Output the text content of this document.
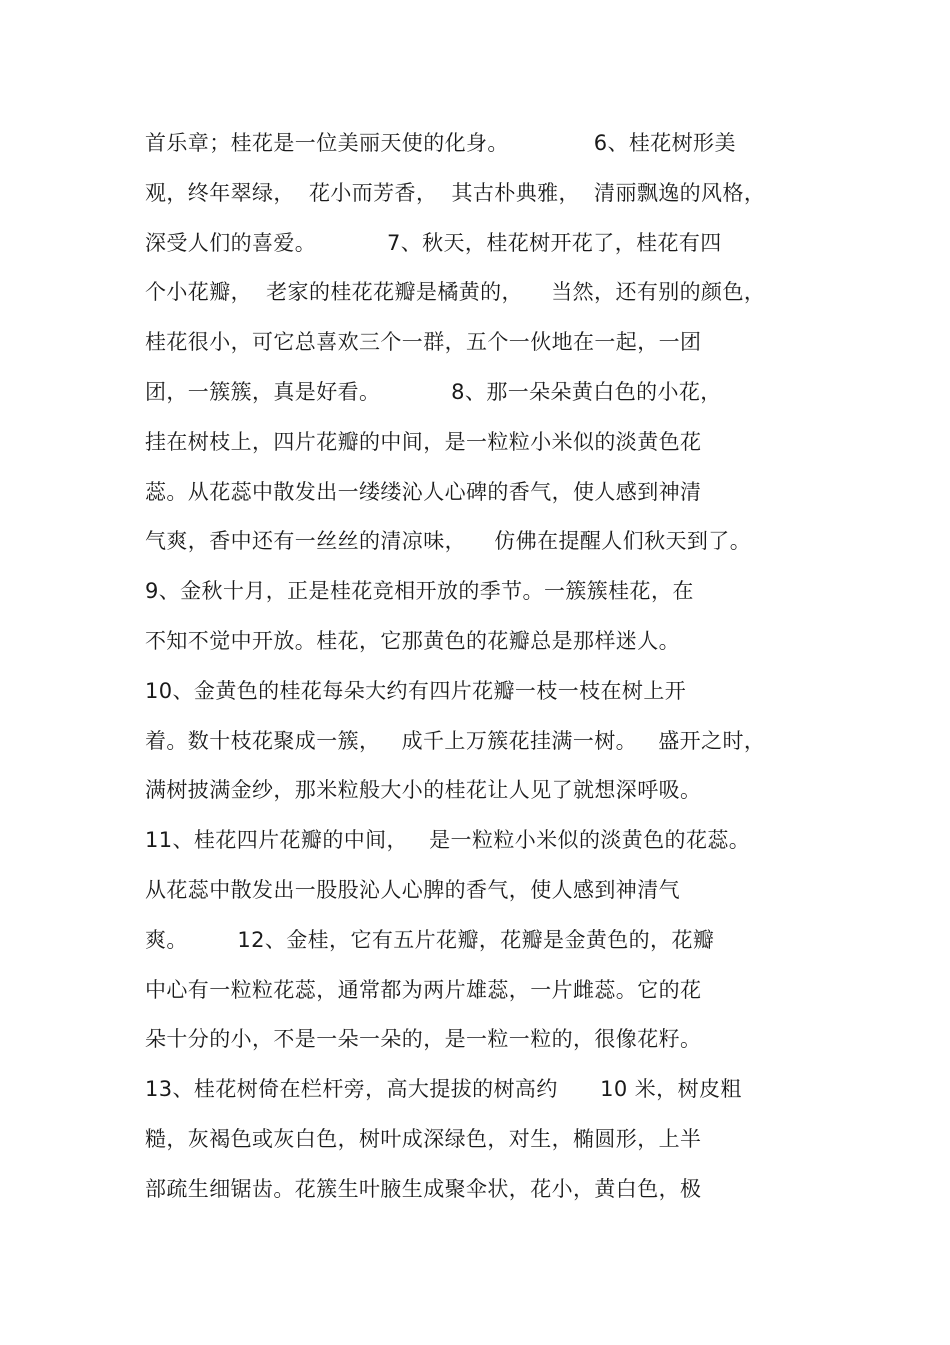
首乐章；桂花是一位美丽天使的化身。            6、桂花树形美
观，终年翠绿，  花小而芳香，  其古朴典雅，  清丽飘逸的风格，
深受人们的喜爱。          7、秋天，桂花树开花了，桂花有四
个小花瓣，  老家的桂花花瓣是橘黄的，    当然，还有别的颜色，
桂花很小，可它总喜欢三个一群，五个一伙地在一起，一团
团，一簇簇，真是好看。          8、那一朵朵黄白色的小花，
挂在树枝上，四片花瓣的中间，是一粒粒小米似的淡黄色花
蕊。从花蕊中散发出一缕缕沁人心碑的香气，使人感到神清
气爽，香中还有一丝丝的清凉味，    仿佛在提醒人们秋天到了。
9、金秋十月，正是桂花竞相开放的季节。一簇簇桂花，在
不知不觉中开放。桂花，它那黄色的花瓣总是那样迷人。
10、金黄色的桂花每朵大约有四片花瓣一枝一枝在树上开
着。数十枝花聚成一簇，   成千上万簇花挂满一树。   盛开之时，
满树披满金纱，那米粒般大小的桂花让人见了就想深呼吸。
11、桂花四片花瓣的中间，   是一粒粒小米似的淡黄色的花蕊。
从花蕊中散发出一股股沁人心脾的香气，使人感到神清气
爽。       12、金桂，它有五片花瓣，花瓣是金黄色的，花瓣
中心有一粒粒花蕊，通常都为两片雄蕊，一片雌蕊。它的花
朵十分的小，不是一朵一朵的，是一粒一粒的，很像花籽。
13、桂花树倚在栏杆旁，高大提拔的树高约      10 米，树皮粗
糙，灰褐色或灰白色，树叶成深绿色，对生，椭圆形，上半
部疏生细锯齿。花簇生叶腋生成聚伞状，花小，黄白色，极
